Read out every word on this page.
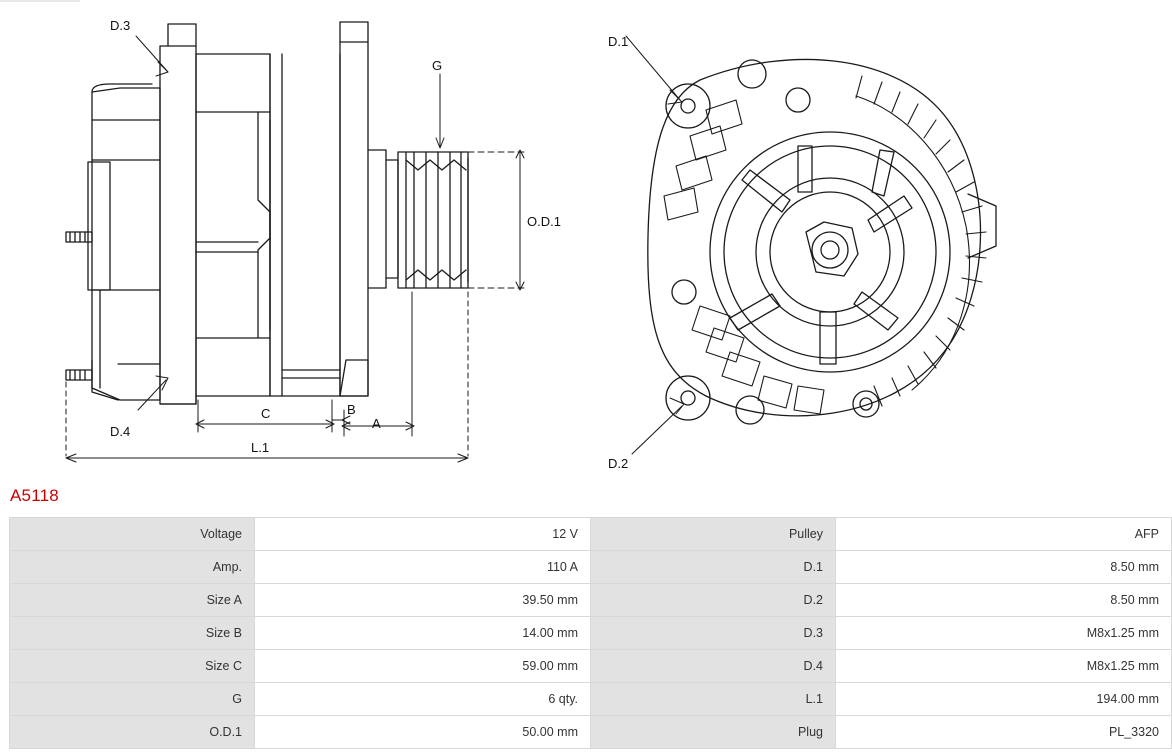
D.3
D.4
G
O.D.1
A
B
C
L.1
D.1
D.2
A5118
Voltage	12 V	Pulley	AFP
Amp.	110 A	D.1	8.50 mm
Size A	39.50 mm	D.2	8.50 mm
Size B	14.00 mm	D.3	M8x1.25 mm
Size C	59.00 mm	D.4	M8x1.25 mm
G	6 qty.	L.1	194.00 mm
O.D.1	50.00 mm	Plug	PL_3320
